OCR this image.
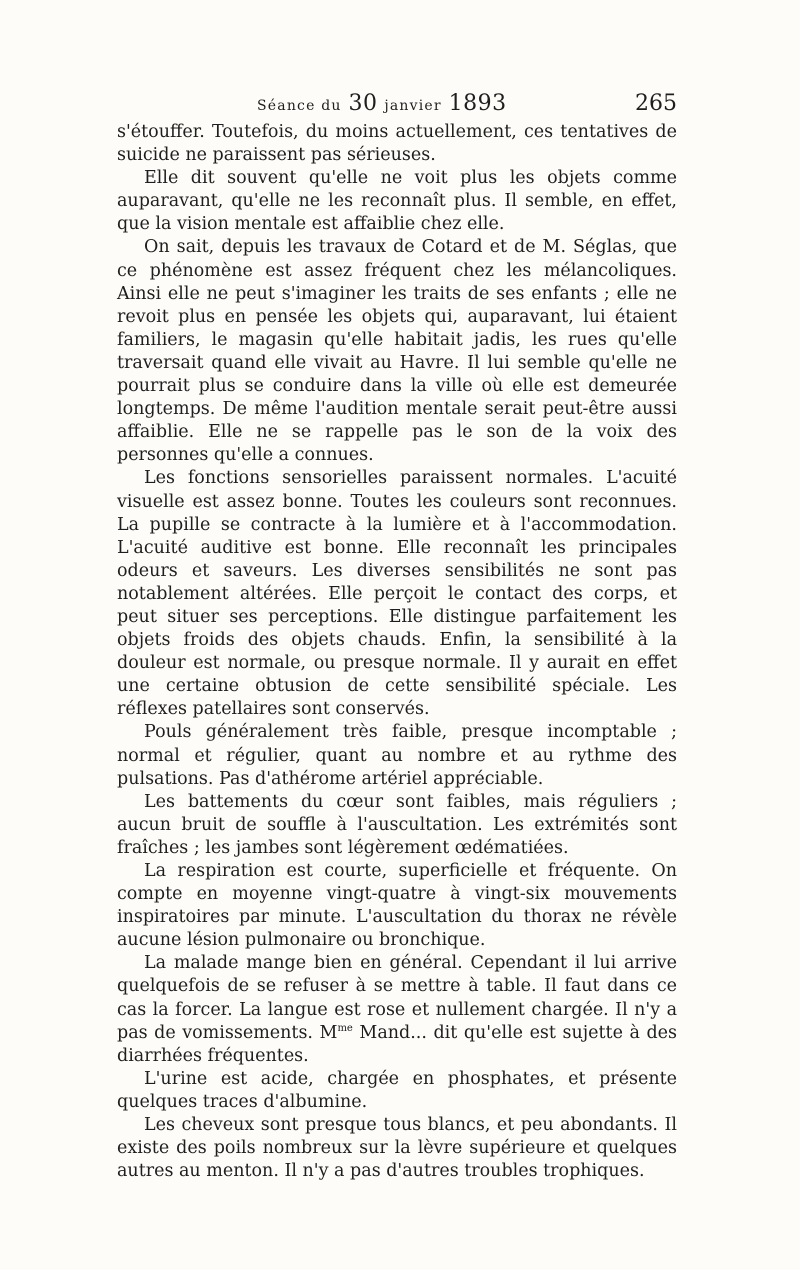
Séance du 30 janvier 1893	265

s'étouffer. Toutefois, du moins actuellement, ces tentatives de suicide ne paraissent pas sérieuses.

Elle dit souvent qu'elle ne voit plus les objets comme auparavant, qu'elle ne les reconnaît plus. Il semble, en effet, que la vision mentale est affaiblie chez elle.

On sait, depuis les travaux de Cotard et de M. Séglas, que ce phénomène est assez fréquent chez les mélancoliques. Ainsi elle ne peut s'imaginer les traits de ses enfants ; elle ne revoit plus en pensée les objets qui, auparavant, lui étaient familiers, le magasin qu'elle habitait jadis, les rues qu'elle traversait quand elle vivait au Havre. Il lui semble qu'elle ne pourrait plus se conduire dans la ville où elle est demeurée longtemps. De même l'audition mentale serait peut-être aussi affaiblie. Elle ne se rappelle pas le son de la voix des personnes qu'elle a connues.

Les fonctions sensorielles paraissent normales. L'acuité visuelle est assez bonne. Toutes les couleurs sont reconnues. La pupille se contracte à la lumière et à l'accommodation. L'acuité auditive est bonne. Elle reconnaît les principales odeurs et saveurs. Les diverses sensibilités ne sont pas notablement altérées. Elle perçoit le contact des corps, et peut situer ses perceptions. Elle distingue parfaitement les objets froids des objets chauds. Enfin, la sensibilité à la douleur est normale, ou presque normale. Il y aurait en effet une certaine obtusion de cette sensibilité spéciale. Les réflexes patellaires sont conservés.

Pouls généralement très faible, presque incomptable ; normal et régulier, quant au nombre et au rythme des pulsations. Pas d'athérome artériel appréciable.

Les battements du cœur sont faibles, mais réguliers ; aucun bruit de souffle à l'auscultation. Les extrémités sont fraîches ; les jambes sont légèrement œdématiées.

La respiration est courte, superficielle et fréquente. On compte en moyenne vingt-quatre à vingt-six mouvements inspiratoires par minute. L'auscultation du thorax ne révèle aucune lésion pulmonaire ou bronchique.

La malade mange bien en général. Cependant il lui arrive quelquefois de se refuser à se mettre à table. Il faut dans ce cas la forcer. La langue est rose et nullement chargée. Il n'y a pas de vomissements. $M^{me}$ Mand... dit qu'elle est sujette à des diarrhées fréquentes.

L'urine est acide, chargée en phosphates, et présente quelques traces d'albumine.

Les cheveux sont presque tous blancs, et peu abondants. Il existe des poils nombreux sur la lèvre supérieure et quelques autres au menton. Il n'y a pas d'autres troubles trophiques.
